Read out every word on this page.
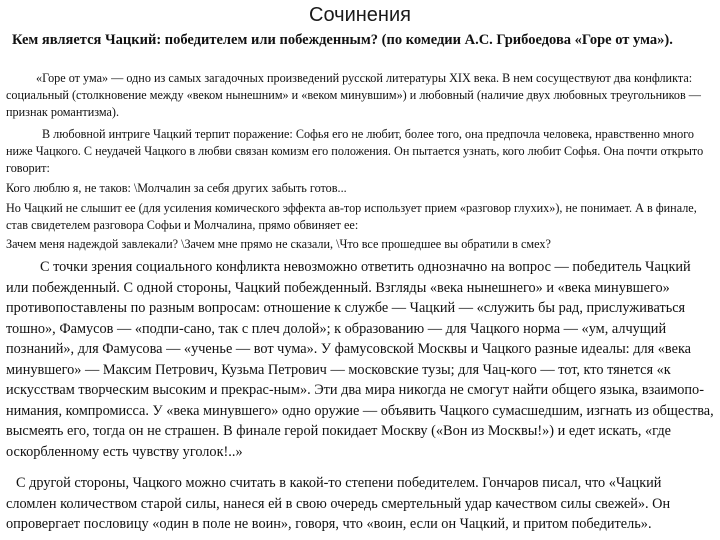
Сочинения
Кем является Чацкий: победителем или побежденным? (по комедии А.С. Грибоедова «Горе от ума»).

«Горе от ума» — одно из самых загадочных произведений русской литературы XIX века. В нем сосуществуют два конфликта: социальный (столкновение между «веком нынешним» и «веком минувшим») и любовный (наличие двух любовных треугольников — признак романтизма).

В любовной интриге Чацкий терпит поражение: Софья его не любит, более того, она предпочла человека, нравственно много ниже Чацкого. С неудачей Чацкого в любви связан комизм его положения. Он пытается узнать, кого любит Софья. Она почти открыто говорит:

Кого люблю я, не таков: \Молчалин за себя других забыть готов...

Но Чацкий не слышит ее (для усиления комического эффекта ав-тор использует прием «разговор глухих»), не понимает. А в финале, став свидетелем разговора Софьи и Молчалина, прямо обвиняет ее:

Зачем меня надеждой завлекали? \Зачем мне прямо не сказали, \Что все прошедшее вы обратили в смех?

С точки зрения социального конфликта невозможно ответить однозначно на вопрос — победитель Чацкий или побежденный. С одной стороны, Чацкий побежденный. Взгляды «века нынешнего» и «века минувшего» противопоставлены по разным вопросам: отношение к службе — Чацкий — «служить бы рад, прислуживаться тошно», Фамусов — «подпи-сано, так с плеч долой»; к образованию — для Чацкого норма — «ум, алчущий познаний», для Фамусова — «ученье — вот чума». У фамусовской Москвы и Чацкого разные идеалы: для «века минувшего» — Максим Петрович, Кузьма Петрович — московские тузы; для Чац-кого — тот, кто тянется «к искусствам творческим высоким и прекрас-ным». Эти два мира никогда не смогут найти общего языка, взаимопо-нимания, компромисса. У «века минувшего» одно оружие — объявить Чацкого сумасшедшим, изгнать из общества, высмеять его, тогда он не страшен. В финале герой покидает Москву («Вон из Москвы!») и едет искать, «где оскорбленному есть чувству уголок!..»

С другой стороны, Чацкого можно считать в какой-то степени победителем. Гончаров писал, что «Чацкий сломлен количеством старой силы, нанеся ей в свою очередь смертельный удар качеством силы свежей». Он опровергает пословицу «один в поле не воин», говоря, что «воин, если он Чацкий, и притом победитель».
